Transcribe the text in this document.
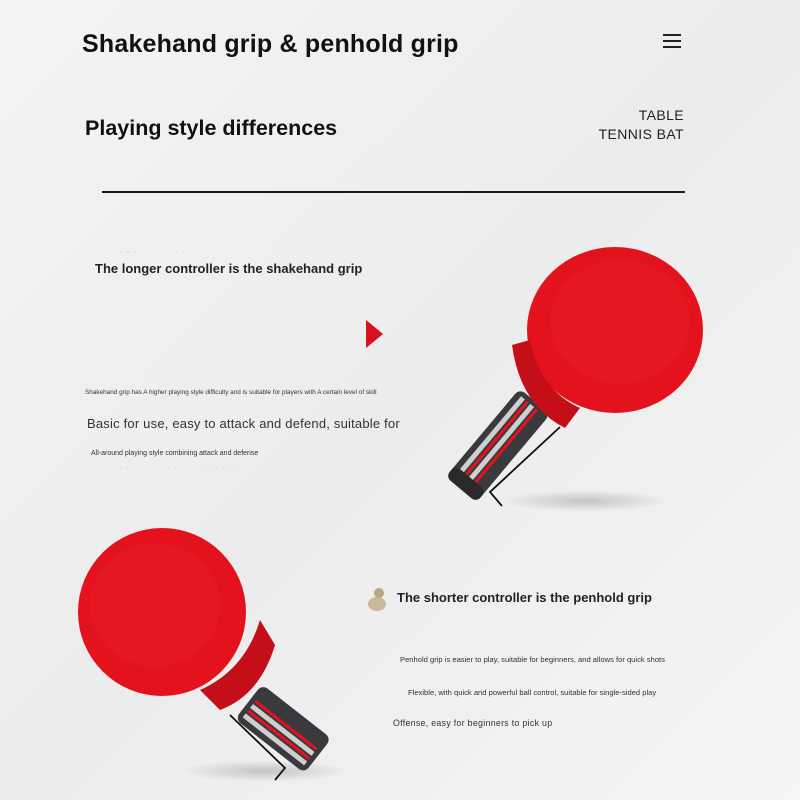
Shakehand grip & penhold grip
Playing style differences
TABLE
TENNIS BAT
- - - · · · · · · · · ·
The longer controller is the shakehand grip
Shakehand grip has A higher playing style difficulty and is suitable for players with A certain level of skill
Basic for use, easy to attack and defend, suitable for
All-around playing style combining attack and defense
· · · · · · · · · · · · · · · · · · · ·
The shorter controller is the penhold grip
Penhold grip is easier to play, suitable for beginners, and allows for quick shots
Flexible, with quick and powerful ball control, suitable for single-sided play
Offense, easy for beginners to pick up
